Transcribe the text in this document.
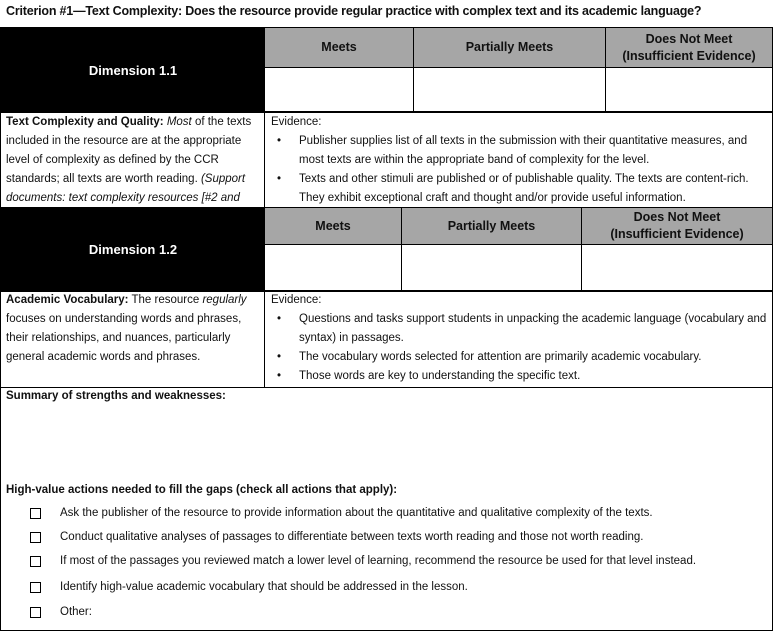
Criterion #1—Text Complexity: Does the resource provide regular practice with complex text and its academic language?
Dimension 1.1
Meets	Partially Meets
Does Not Meet
(Insufficient Evidence)
Text Complexity and Quality: Most of the texts included in the resource are at the appropriate level of complexity as defined by the CCR standards; all texts are worth reading. (Support documents: text complexity resources [#2 and
Evidence:
• Publisher supplies list of all texts in the submission with their quantitative measures, and most texts are within the appropriate band of complexity for the level.
• Texts and other stimuli are published or of publishable quality. The texts are content-rich. They exhibit exceptional craft and thought and/or provide useful information.
Dimension 1.2
Meets	Partially Meets
Does Not Meet
(Insufficient Evidence)
Academic Vocabulary: The resource regularly focuses on understanding words and phrases, their relationships, and nuances, particularly general academic words and phrases.
Evidence:
• Questions and tasks support students in unpacking the academic language (vocabulary and syntax) in passages.
• The vocabulary words selected for attention are primarily academic vocabulary.
• Those words are key to understanding the specific text.
Summary of strengths and weaknesses:
High-value actions needed to fill the gaps (check all actions that apply):
Ask the publisher of the resource to provide information about the quantitative and qualitative complexity of the texts.
Conduct qualitative analyses of passages to differentiate between texts worth reading and those not worth reading.
If most of the passages you reviewed match a lower level of learning, recommend the resource be used for that level instead.
Identify high-value academic vocabulary that should be addressed in the lesson.
Other:
